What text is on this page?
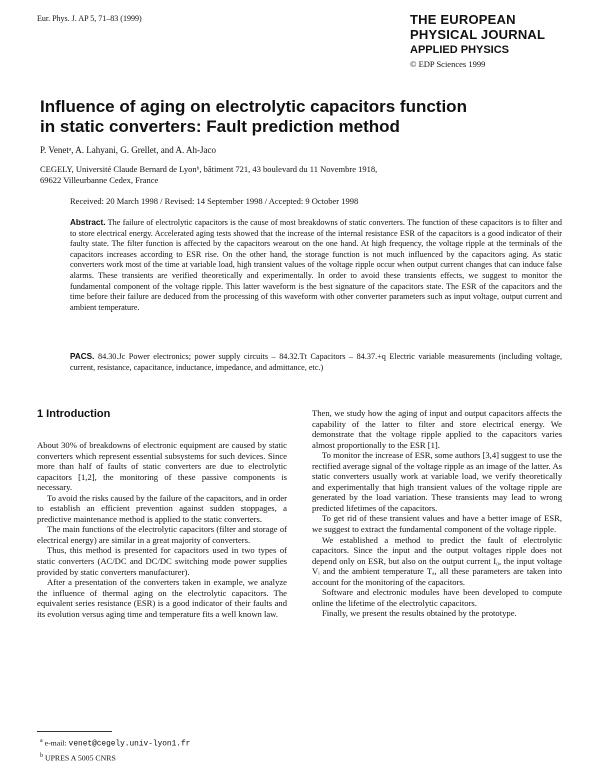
Eur. Phys. J. AP 5, 71–83 (1999)	THE EUROPEAN
PHYSICAL JOURNAL
APPLIED PHYSICS
© EDP Sciences 1999
Influence of aging on electrolytic capacitors function
in static converters: Fault prediction method
P. Venetᵃ, A. Lahyani, G. Grellet, and A. Ah-Jaco
CEGELY, Université Claude Bernard de Lyonᵇ, bâtiment 721, 43 boulevard du 11 Novembre 1918,
69622 Villeurbanne Cedex, France
Received: 20 March 1998 / Revised: 14 September 1998 / Accepted: 9 October 1998
Abstract. The failure of electrolytic capacitors is the cause of most breakdowns of static converters. The function of these capacitors is to filter and to store electrical energy. Accelerated aging tests showed that the increase of the internal resistance ESR of the capacitors is a good indicator of their faulty state. The filter function is affected by the capacitors wearout on the one hand. At high frequency, the voltage ripple at the terminals of the capacitors increases according to ESR rise. On the other hand, the storage function is not much influenced by the capacitors aging. As static converters work most of the time at variable load, high transient values of the voltage ripple occur when output current changes that can induce false alarms. These transients are verified theoretically and experimentally. In order to avoid these transients effects, we suggest to monitor the fundamental component of the voltage ripple. This latter waveform is the best signature of the capacitors state. The ESR of the capacitors and the time before their failure are deduced from the processing of this waveform with other converter parameters such as input voltage, output current and ambient temperature.
PACS. 84.30.Jc Power electronics; power supply circuits – 84.32.Tt Capacitors – 84.37.+q Electric variable measurements (including voltage, current, resistance, capacitance, inductance, impedance, and admittance, etc.)
1 Introduction

About 30% of breakdowns of electronic equipment are caused by static converters which represent essential subsystems for such devices. Since more than half of faults of static converters are due to electrolytic capacitors [1,2], the monitoring of these passive components is necessary.

To avoid the risks caused by the failure of the capacitors, and in order to establish an efficient prevention against sudden stoppages, a predictive maintenance method is applied to the static converters.

The main functions of the electrolytic capacitors (filter and storage of electrical energy) are similar in a great majority of converters.

Thus, this method is presented for capacitors used in two types of static converters (AC/DC and DC/DC switching mode power supplies provided by static converters manufacturer).

After a presentation of the converters taken in example, we analyze the influence of thermal aging on the electrolytic capacitors. The equivalent series resistance (ESR) is a good indicator of their faults and its evolution versus aging time and temperature fits a well known law.

Then, we study how the aging of input and output capacitors affects the capability of the latter to filter and store electrical energy. We demonstrate that the voltage ripple applied to the capacitors varies almost proportionally to the ESR [1].

To monitor the increase of ESR, some authors [3,4] suggest to use the rectified average signal of the voltage ripple as an image of the latter. As static converters usually work at variable load, we verify theoretically and experimentally that high transient values of the voltage ripple are generated by the load variation. These transients may lead to wrong predicted lifetimes of the capacitors.

To get rid of these transient values and have a better image of ESR, we suggest to extract the fundamental component of the voltage ripple.

We established a method to predict the fault of electrolytic capacitors. Since the input and the output voltages ripple does not depend only on ESR, but also on the output current I₀, the input voltage Vᵢ and the ambient temperature Tₐ, all these parameters are taken into account for the monitoring of the capacitors.

Software and electronic modules have been developed to compute online the lifetime of the electrolytic capacitors.

Finally, we present the results obtained by the prototype.

$^a$ e-mail: venet@cegely.univ-lyon1.fr
$^b$ UPRES A 5005 CNRS
